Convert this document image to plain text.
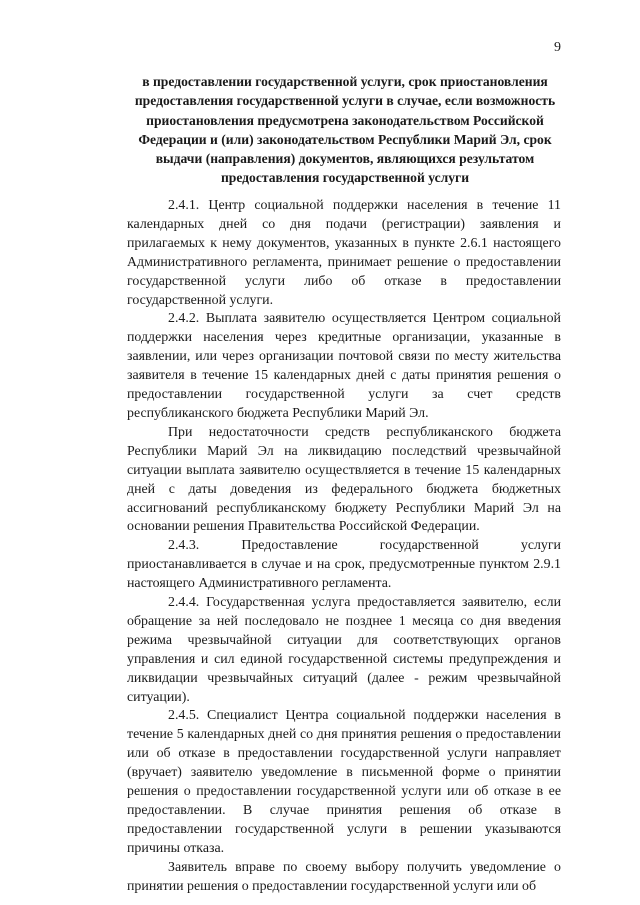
9
в предоставлении государственной услуги, срок приостановления
предоставления государственной услуги в случае, если возможность
приостановления предусмотрена законодательством Российской
Федерации и (или) законодательством Республики Марий Эл, срок
выдачи (направления) документов, являющихся результатом
предоставления государственной услуги

2.4.1. Центр социальной поддержки населения в течение 11 календарных дней со дня подачи (регистрации) заявления и прилагаемых к нему документов, указанных в пункте 2.6.1 настоящего Административного регламента, принимает решение о предоставлении государственной услуги либо об отказе в предоставлении государственной услуги.

2.4.2. Выплата заявителю осуществляется Центром социальной поддержки населения через кредитные организации, указанные в заявлении, или через организации почтовой связи по месту жительства заявителя в течение 15 календарных дней с даты принятия решения о предоставлении государственной услуги за счет средств республиканского бюджета Республики Марий Эл.

При недостаточности средств республиканского бюджета Республики Марий Эл на ликвидацию последствий чрезвычайной ситуации выплата заявителю осуществляется в течение 15 календарных дней с даты доведения из федерального бюджета бюджетных ассигнований республиканскому бюджету Республики Марий Эл на основании решения Правительства Российской Федерации.

2.4.3. Предоставление государственной услуги приостанавливается в случае и на срок, предусмотренные пунктом 2.9.1 настоящего Административного регламента.

2.4.4. Государственная услуга предоставляется заявителю, если обращение за ней последовало не позднее 1 месяца со дня введения режима чрезвычайной ситуации для соответствующих органов управления и сил единой государственной системы предупреждения и ликвидации чрезвычайных ситуаций (далее - режим чрезвычайной ситуации).

2.4.5. Специалист Центра социальной поддержки населения в течение 5 календарных дней со дня принятия решения о предоставлении или об отказе в предоставлении государственной услуги направляет (вручает) заявителю уведомление в письменной форме о принятии решения о предоставлении государственной услуги или об отказе в ее предоставлении. В случае принятия решения об отказе в предоставлении государственной услуги в решении указываются причины отказа.

Заявитель вправе по своему выбору получить уведомление о принятии решения о предоставлении государственной услуги или об
